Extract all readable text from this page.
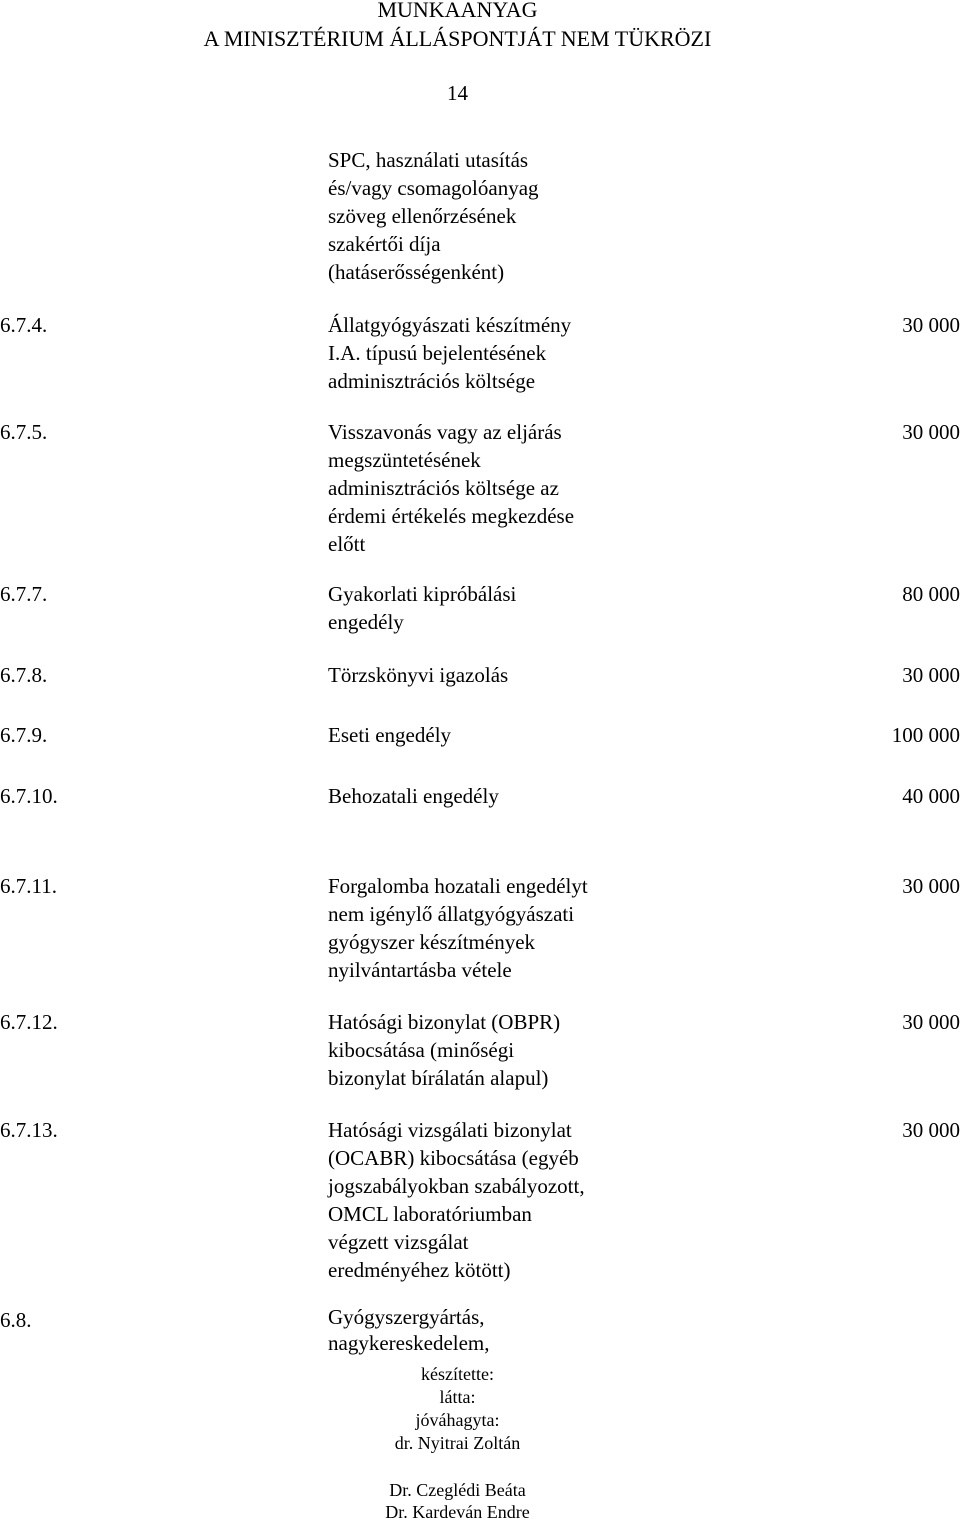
MUNKAANYAG
A MINISZTÉRIUM ÁLLÁSPONTJÁT NEM TÜKRÖZI
14
SPC, használati utasítás
és/vagy csomagolóanyag
szöveg ellenőrzésének
szakértői díja
(hatáserősségenként)
6.7.4.	Állatgyógyászati készítmény
I.A. típusú bejelentésének
adminisztrációs költsége
30 000
6.7.5.	Visszavonás vagy az eljárás
megszüntetésének
adminisztrációs költsége az
érdemi értékelés megkezdése
előtt
30 000
6.7.7.	Gyakorlati kipróbálási
engedély
80 000
6.7.8.	Törzskönyvi igazolás	30 000
6.7.9.	Eseti engedély	100 000
6.7.10.	Behozatali engedély	40 000
6.7.11.	Forgalomba hozatali engedélyt
nem igénylő állatgyógyászati
gyógyszer készítmények
nyilvántartásba vétele
30 000
6.7.12.	Hatósági bizonylat (OBPR)
kibocsátása (minőségi
bizonylat bírálatán alapul)
30 000
6.7.13.	Hatósági vizsgálati bizonylat
(OCABR) kibocsátása (egyéb
jogszabályokban szabályozott,
OMCL laboratóriumban
végzett vizsgálat
eredményéhez kötött)
30 000
6.8.	Gyógyszergyártás,
nagykereskedelem,
készítette:
látta:
jóváhagyta:
dr. Nyitrai Zoltán
Dr. Czeglédi Beáta
Dr. Kardeván Endre
